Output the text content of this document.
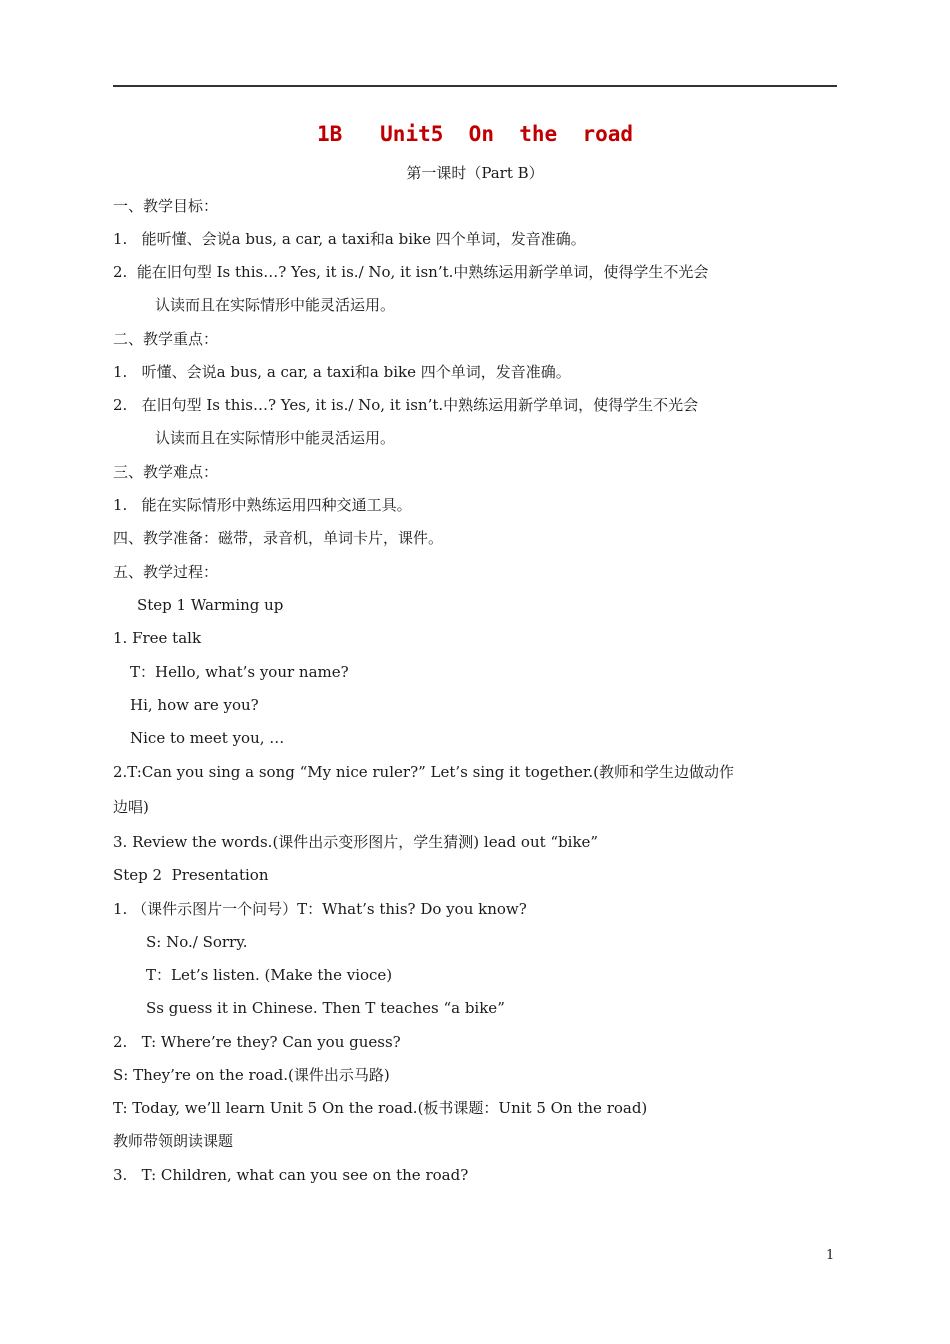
1B   Unit5  On  the  road
第一课时（Part B）
一、教学目标：
1.   能听懂、会说a bus, a car, a taxi和a bike 四个单词，发音准确。
2.  能在旧句型 Is this…? Yes, it is./ No, it isn’t.中熟练运用新学单词，使得学生不光会
认读而且在实际情形中能灵活运用。
二、教学重点：
1.   听懂、会说a bus, a car, a taxi和a bike 四个单词，发音准确。
2.   在旧句型 Is this…? Yes, it is./ No, it isn’t.中熟练运用新学单词，使得学生不光会
认读而且在实际情形中能灵活运用。
三、教学难点：
1.   能在实际情形中熟练运用四种交通工具。
四、教学准备：磁带，录音机，单词卡片，课件。
五、教学过程：
Step 1 Warming up
1. Free talk
T：Hello, what’s your name?
Hi, how are you?
Nice to meet you, …
2.T:Can you sing a song “My nice ruler?” Let’s sing it together.(教师和学生边做动作
边唱)
3. Review the words.(课件出示变形图片，学生猜测) lead out “bike”
Step 2  Presentation
1. （课件示图片一个问号）T：What’s this? Do you know?
S: No./ Sorry.
T：Let’s listen. (Make the vioce)
Ss guess it in Chinese. Then T teaches “a bike”
2.   T: Where’re they? Can you guess?
S: They’re on the road.(课件出示马路)
T: Today, we’ll learn Unit 5 On the road.(板书课题：Unit 5 On the road)
教师带领朗读课题
3.   T: Children, what can you see on the road?
1
